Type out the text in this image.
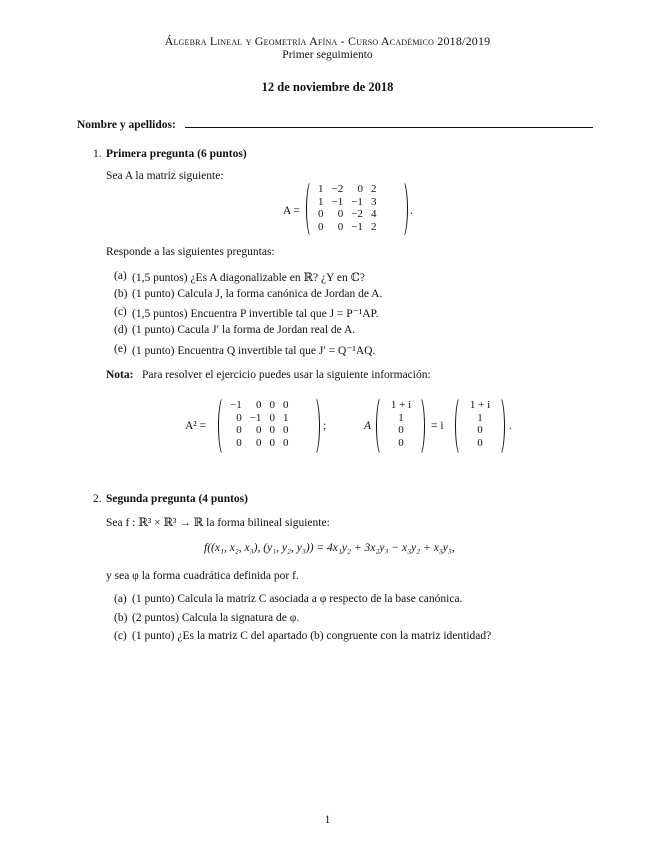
Álgebra Lineal y Geometría Afína - Curso Académico 2018/2019
Primer seguimiento
12 de noviembre de 2018
Nombre y apellidos:
1. Primera pregunta (6 puntos)
Sea A la matriz siguiente:
A =
1	−2	0	2
1	−1	−1	3
0	0	−2	4
0	0	−1	2
.
Responde a las siguientes preguntas:
(a) (1,5 puntos) ¿Es A diagonalizable en ℝ? ¿Y en ℂ?
(b) (1 punto) Calcula J, la forma canónica de Jordan de A.
(c) (1,5 puntos) Encuentra P invertible tal que J = P⁻¹AP.
(d) (1 punto) Cacula J′ la forma de Jordan real de A.
(e) (1 punto) Encuentra Q invertible tal que J′ = Q⁻¹AQ.
Nota: Para resolver el ejercicio puedes usar la siguiente información:
A² =
−1	0	0	0
0	−1	0	1
0	0	0	0
0	0	0	0
;	A
1 + i
1
0
0
= i
1 + i
1
0
0
.
2. Segunda pregunta (4 puntos)
Sea f : ℝ³ × ℝ³ → ℝ la forma bilineal siguiente:
f((x₁, x₂, x₃), (y₁, y₂, y₃)) = 4x₁y₂ + 3x₂y₃ − x₃y₂ + x₃y₃,
y sea φ la forma cuadrática definida por f.
(a) (1 punto) Calcula la matriz C asociada a φ respecto de la base canónica.
(b) (2 puntos) Calcula la signatura de φ.
(c) (1 punto) ¿Es la matriz C del apartado (b) congruente con la matriz identidad?
1
